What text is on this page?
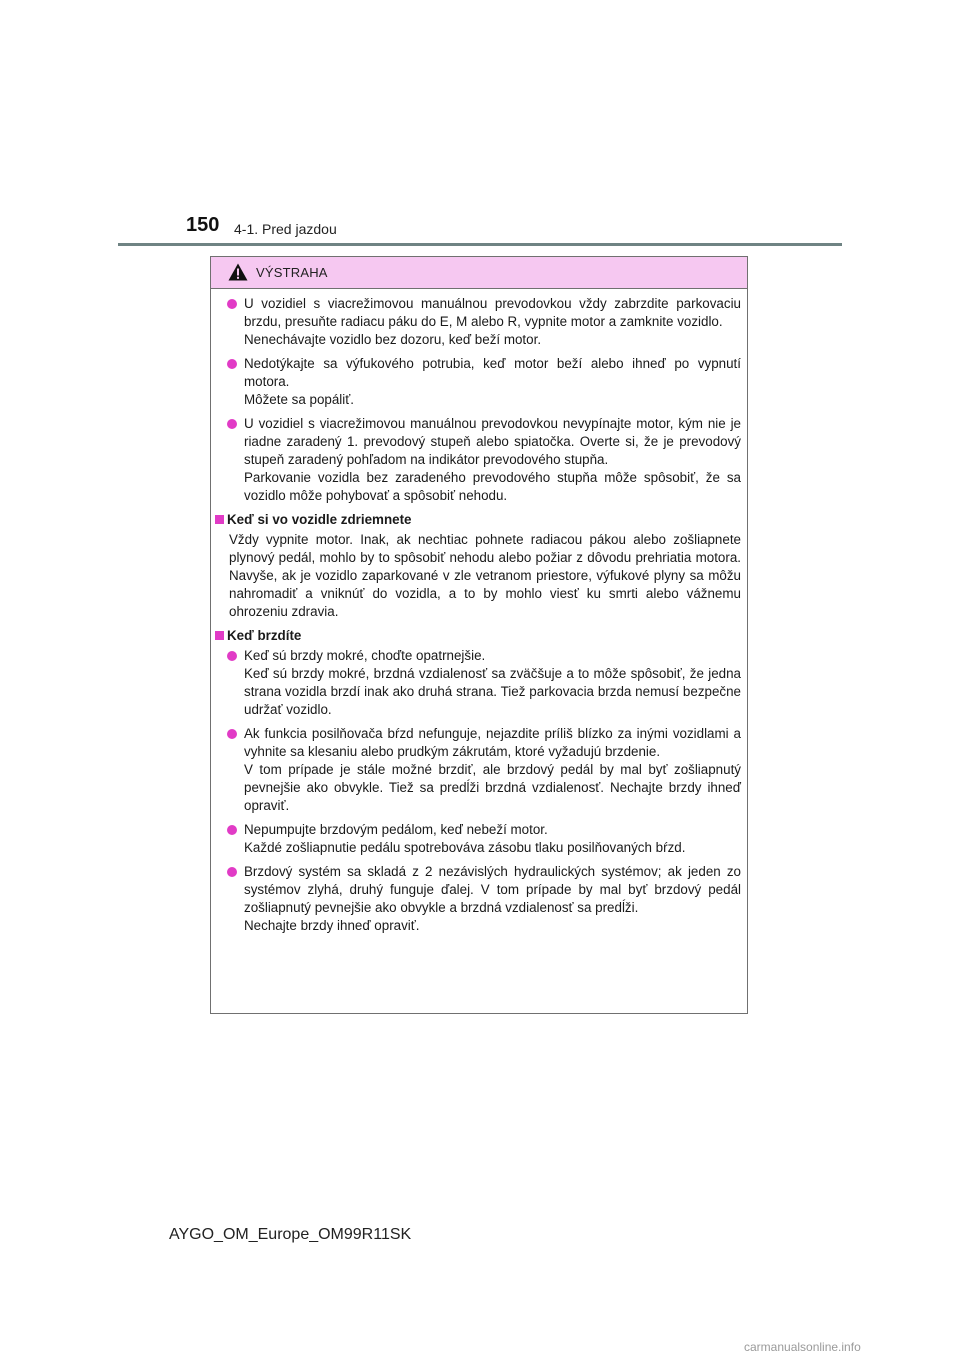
150 4-1. Pred jazdou
VÝSTRAHA

U vozidiel s viacrežimovou manuálnou prevodovkou vždy zabrzdite parkovaciu brzdu, presuňte radiacu páku do E, M alebo R, vypnite motor a zamknite vozidlo.

Nenechávajte vozidlo bez dozoru, keď beží motor.

Nedotýkajte sa výfukového potrubia, keď motor beží alebo ihneď po vypnutí motora.

Môžete sa popáliť.

U vozidiel s viacrežimovou manuálnou prevodovkou nevypínajte motor, kým nie je riadne zaradený 1. prevodový stupeň alebo spiatočka. Overte si, že je prevodový stupeň zaradený pohľadom na indikátor prevodového stupňa.

Parkovanie vozidla bez zaradeného prevodového stupňa môže spôsobiť, že sa vozidlo môže pohybovať a spôsobiť nehodu.

Keď si vo vozidle zdriemnete
Vždy vypnite motor. Inak, ak nechtiac pohnete radiacou pákou alebo zošliapnete plynový pedál, mohlo by to spôsobiť nehodu alebo požiar z dôvodu prehriatia motora. Navyše, ak je vozidlo zaparkované v zle vetranom priestore, výfukové plyny sa môžu nahromadiť a vniknúť do vozidla, a to by mohlo viesť ku smrti alebo vážnemu ohrozeniu zdravia.
Keď brzdíte

Keď sú brzdy mokré, choďte opatrnejšie.

Keď sú brzdy mokré, brzdná vzdialenosť sa zväčšuje a to môže spôsobiť, že jedna strana vozidla brzdí inak ako druhá strana. Tiež parkovacia brzda nemusí bezpečne udržať vozidlo.

Ak funkcia posilňovača bŕzd nefunguje, nejazdite príliš blízko za inými vozidlami a vyhnite sa klesaniu alebo prudkým zákrutám, ktoré vyžadujú brzdenie.

V tom prípade je stále možné brzdiť, ale brzdový pedál by mal byť zošliapnutý pevnejšie ako obvykle. Tiež sa predĺži brzdná vzdialenosť. Nechajte brzdy ihneď opraviť.

Nepumpujte brzdovým pedálom, keď nebeží motor.

Každé zošliapnutie pedálu spotrebováva zásobu tlaku posilňovaných bŕzd.

Brzdový systém sa skladá z 2 nezávislých hydraulických systémov; ak jeden zo systémov zlyhá, druhý funguje ďalej. V tom prípade by mal byť brzdový pedál zošliapnutý pevnejšie ako obvykle a brzdná vzdialenosť sa predĺži.

Nechajte brzdy ihneď opraviť.

AYGO_OM_Europe_OM99R11SK
carmanualsonline.info
